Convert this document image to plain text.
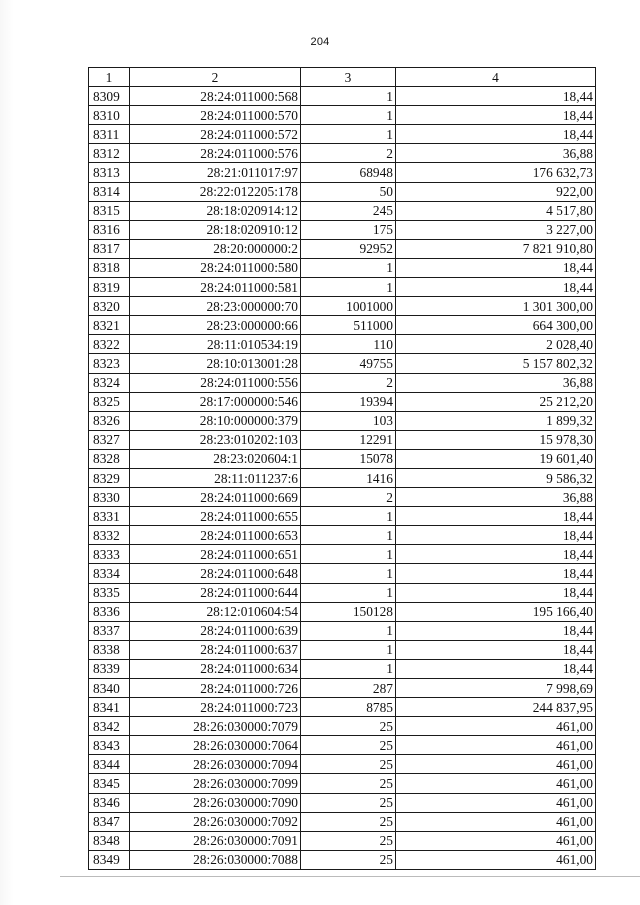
204
1	2	3	4
8309	28:24:011000:568	1	18,44
8310	28:24:011000:570	1	18,44
8311	28:24:011000:572	1	18,44
8312	28:24:011000:576	2	36,88
8313	28:21:011017:97	68948	176 632,73
8314	28:22:012205:178	50	922,00
8315	28:18:020914:12	245	4 517,80
8316	28:18:020910:12	175	3 227,00
8317	28:20:000000:2	92952	7 821 910,80
8318	28:24:011000:580	1	18,44
8319	28:24:011000:581	1	18,44
8320	28:23:000000:70	1001000	1 301 300,00
8321	28:23:000000:66	511000	664 300,00
8322	28:11:010534:19	110	2 028,40
8323	28:10:013001:28	49755	5 157 802,32
8324	28:24:011000:556	2	36,88
8325	28:17:000000:546	19394	25 212,20
8326	28:10:000000:379	103	1 899,32
8327	28:23:010202:103	12291	15 978,30
8328	28:23:020604:1	15078	19 601,40
8329	28:11:011237:6	1416	9 586,32
8330	28:24:011000:669	2	36,88
8331	28:24:011000:655	1	18,44
8332	28:24:011000:653	1	18,44
8333	28:24:011000:651	1	18,44
8334	28:24:011000:648	1	18,44
8335	28:24:011000:644	1	18,44
8336	28:12:010604:54	150128	195 166,40
8337	28:24:011000:639	1	18,44
8338	28:24:011000:637	1	18,44
8339	28:24:011000:634	1	18,44
8340	28:24:011000:726	287	7 998,69
8341	28:24:011000:723	8785	244 837,95
8342	28:26:030000:7079	25	461,00
8343	28:26:030000:7064	25	461,00
8344	28:26:030000:7094	25	461,00
8345	28:26:030000:7099	25	461,00
8346	28:26:030000:7090	25	461,00
8347	28:26:030000:7092	25	461,00
8348	28:26:030000:7091	25	461,00
8349	28:26:030000:7088	25	461,00
